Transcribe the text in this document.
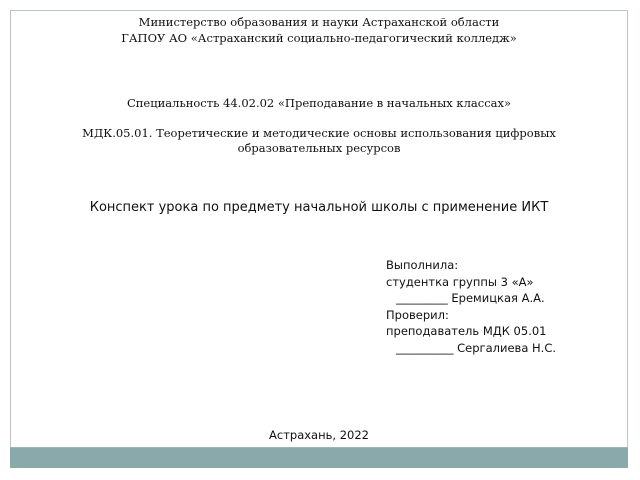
Министерство образования и науки Астраханской области
ГАПОУ АО «Астраханский социально-педагогический колледж»
Специальность 44.02.02 «Преподавание в начальных классах»
МДК.05.01. Теоретические и методические основы использования цифровых образовательных ресурсов
Конспект урока по предмету начальной школы с применение ИКТ
Выполнила:
студентка группы 3 «А»
_________ Еремицкая А.А.
Проверил:
преподаватель МДК 05.01
__________ Сергалиева Н.С.
Астрахань, 2022
